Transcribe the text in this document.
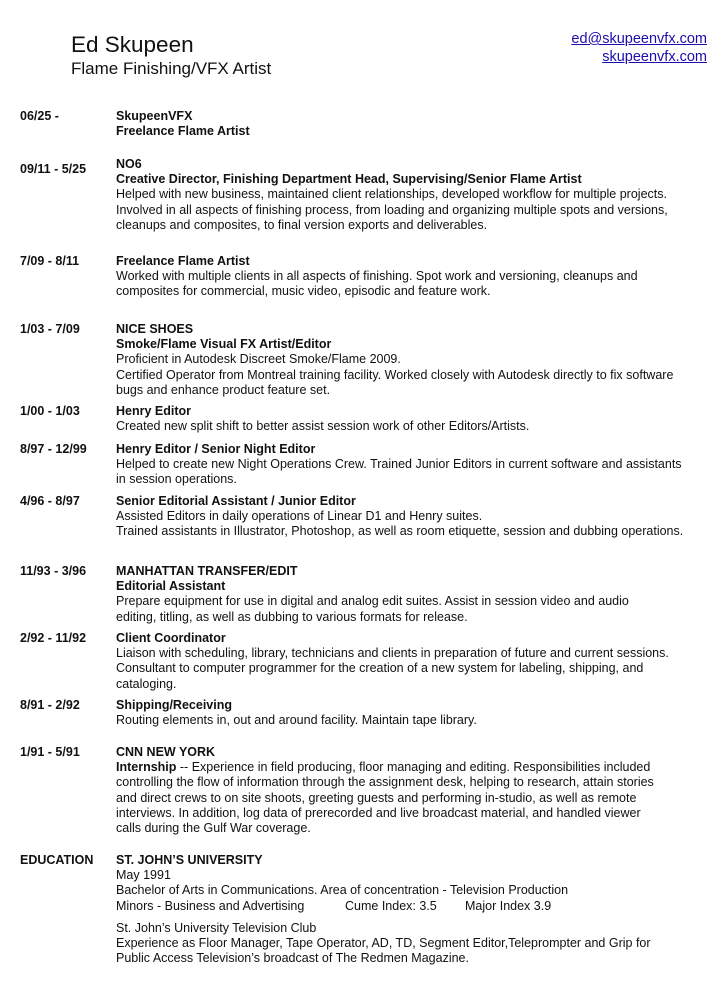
Ed Skupeen
Flame Finishing/VFX Artist
ed@skupeenvfx.com
skupeenvfx.com
06/25 -	SkupeenVFX
Freelance Flame Artist
09/11 - 5/25 NO6
Creative Director, Finishing Department Head, Supervising/Senior Flame Artist
Helped with new business, maintained client relationships, developed workflow for multiple projects.
Involved in all aspects of finishing process, from loading and organizing multiple spots and versions,
cleanups and composites, to final version exports and deliverables.
7/09 - 8/11	Freelance Flame Artist
Worked with multiple clients in all aspects of finishing. Spot work and versioning, cleanups and
composites for commercial, music video, episodic and feature work.
1/03 - 7/09	NICE SHOES
Smoke/Flame Visual FX Artist/Editor
Proficient in Autodesk Discreet Smoke/Flame 2009.
Certified Operator from Montreal training facility. Worked closely with Autodesk directly to fix software
bugs and enhance product feature set.
1/00 - 1/03	Henry Editor
Created new split shift to better assist session work of other Editors/Artists.
8/97 - 12/99 Henry Editor / Senior Night Editor
Helped to create new Night Operations Crew. Trained Junior Editors in current software and assistants
in session operations.
4/96 - 8/97	Senior Editorial Assistant / Junior Editor
Assisted Editors in daily operations of Linear D1 and Henry suites.
Trained assistants in Illustrator, Photoshop, as well as room etiquette, session and dubbing operations.
11/93 - 3/96 MANHATTAN TRANSFER/EDIT
Editorial Assistant
Prepare equipment for use in digital and analog edit suites. Assist in session video and audio
editing, titling, as well as dubbing to various formats for release.
2/92 - 11/92 Client Coordinator
Liaison with scheduling, library, technicians and clients in preparation of future and current sessions.
Consultant to computer programmer for the creation of a new system for labeling, shipping, and
cataloging.
8/91 - 2/92	Shipping/Receiving
Routing elements in, out and around facility. Maintain tape library.
1/91 - 5/91	CNN NEW YORK
Internship -- Experience in field producing, floor managing and editing. Responsibilities included
controlling the flow of information through the assignment desk, helping to research, attain stories
and direct crews to on site shoots, greeting guests and performing in-studio, as well as remote
interviews. In addition, log data of prerecorded and live broadcast material, and handled viewer
calls during the Gulf War coverage.
EDUCATION ST. JOHN’S UNIVERSITY
May 1991
Bachelor of Arts in Communications. Area of concentration - Television Production
Minors - Business and Advertising	Cume Index: 3.5 Major Index 3.9
St. John’s University Television Club
Experience as Floor Manager, Tape Operator, AD, TD, Segment Editor,Teleprompter and Grip for
Public Access Television’s broadcast of The Redmen Magazine.
